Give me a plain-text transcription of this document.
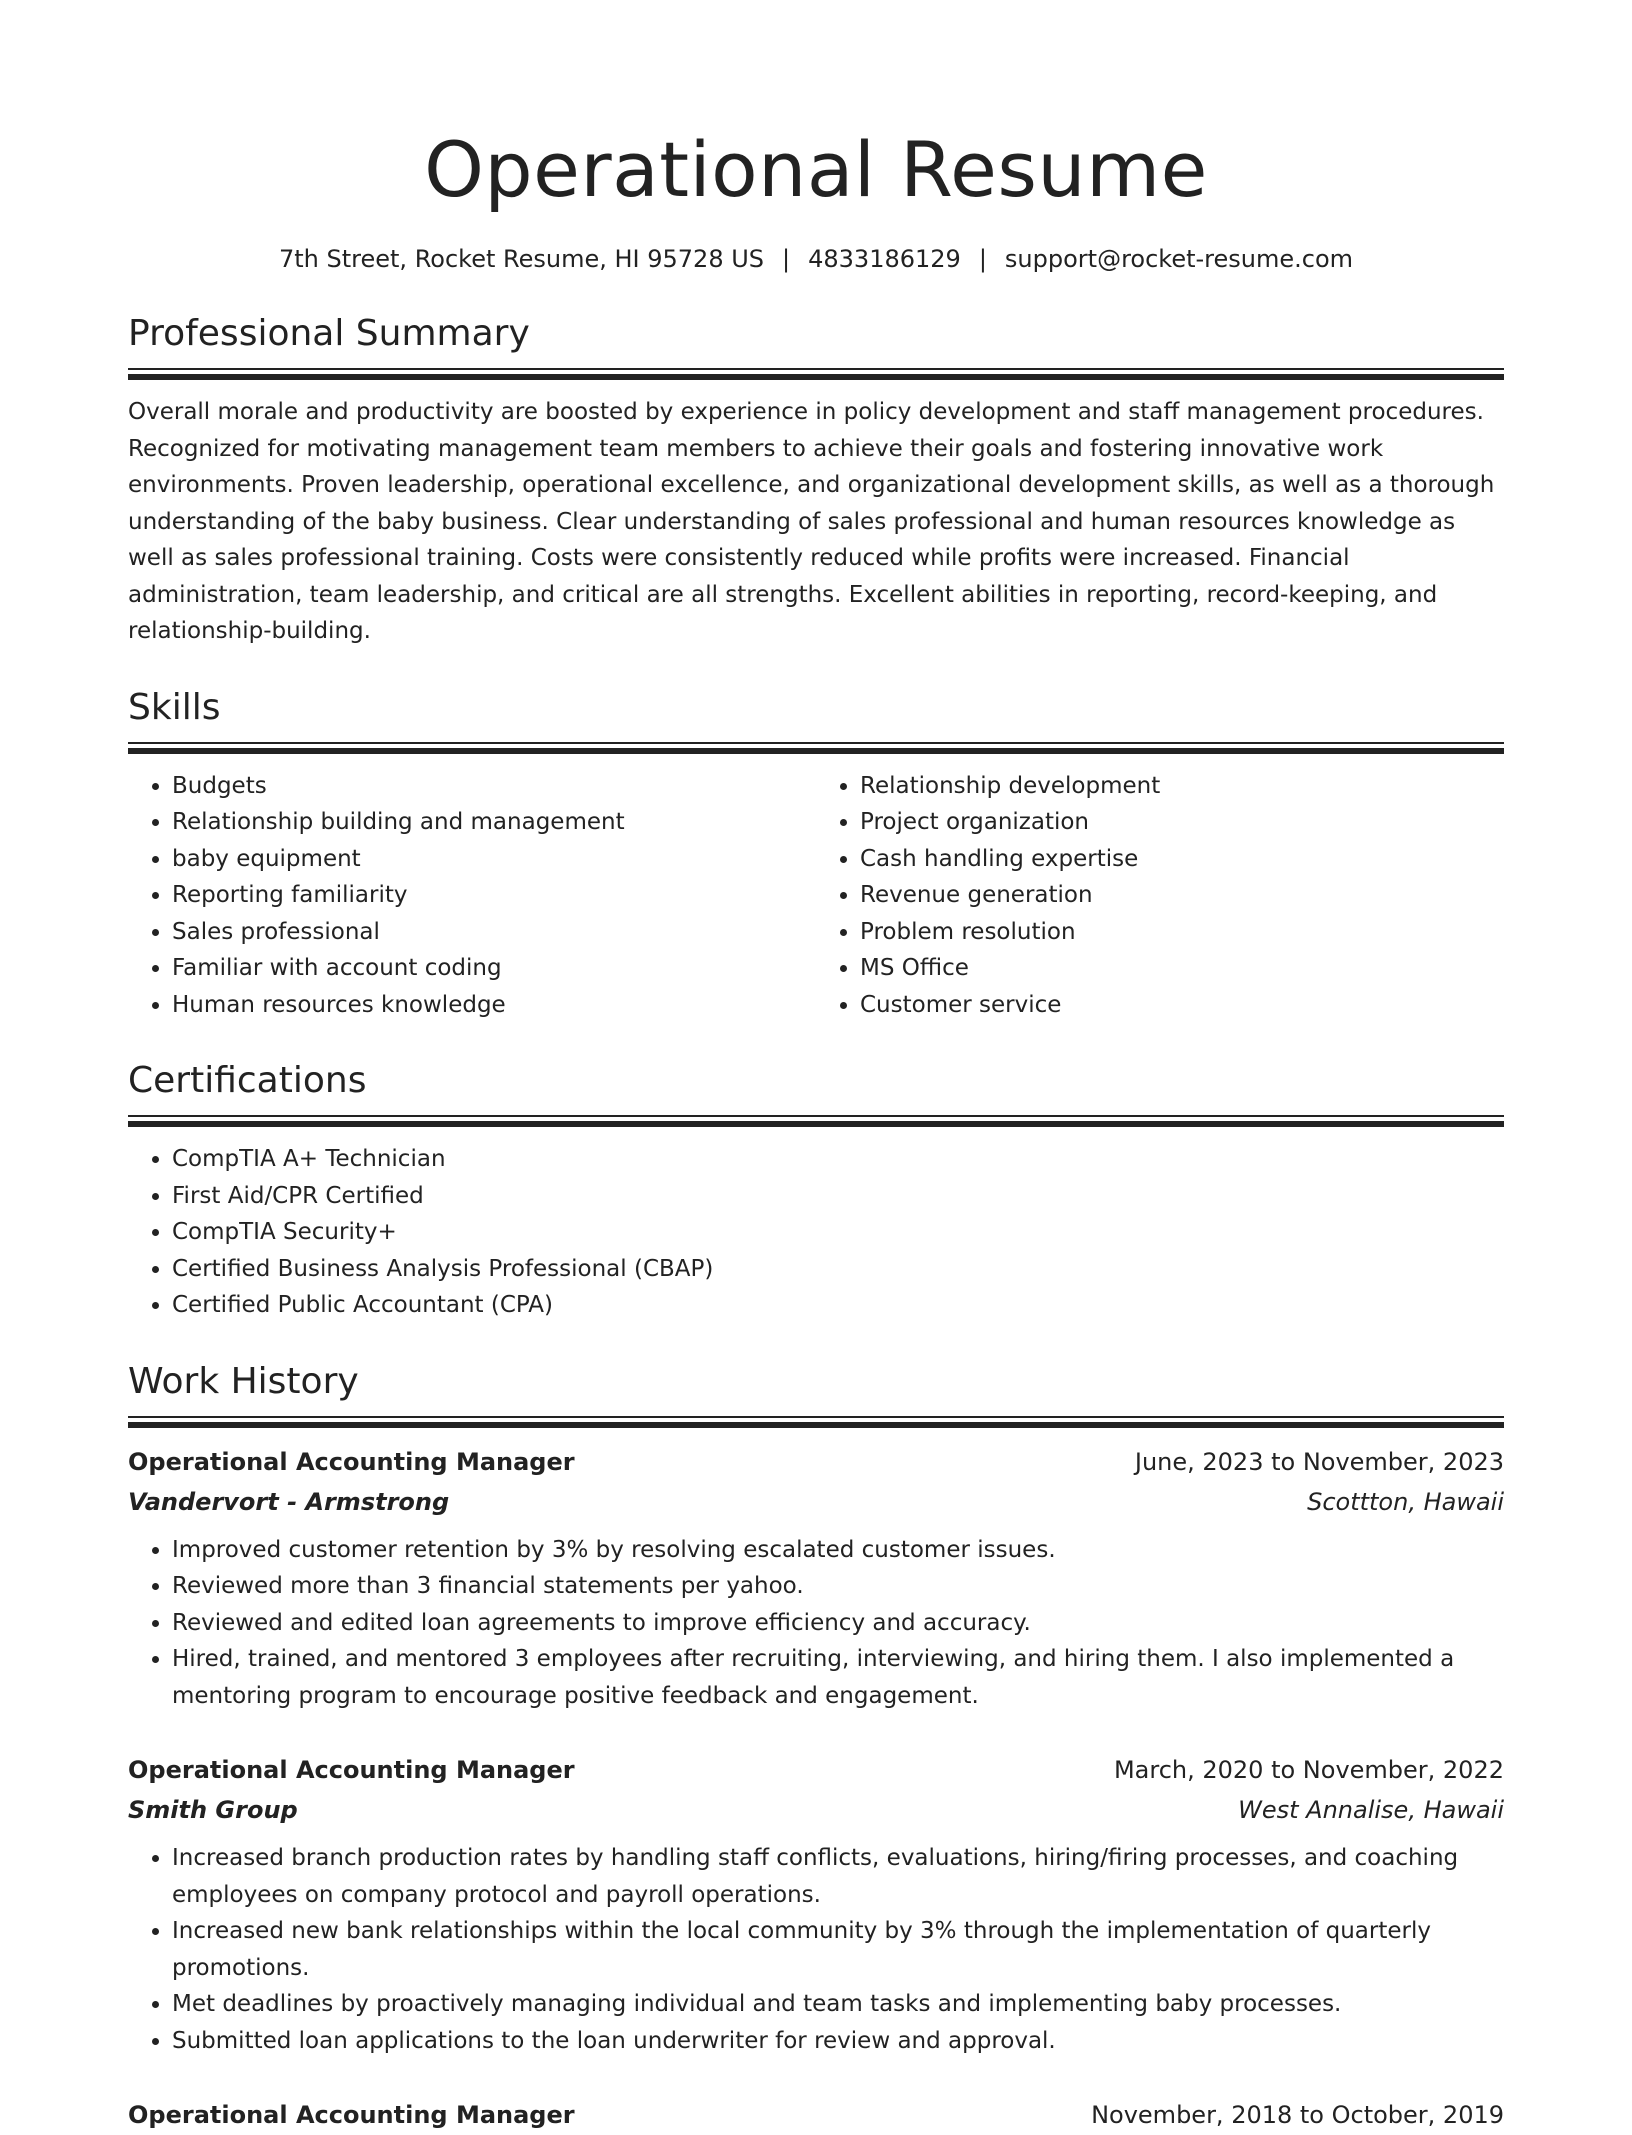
Operational Resume
7th Street, Rocket Resume, HI 95728 US | 4833186129 | support@rocket-resume.com
Professional Summary
Overall morale and productivity are boosted by experience in policy development and staff management procedures. Recognized for motivating management team members to achieve their goals and fostering innovative work environments. Proven leadership, operational excellence, and organizational development skills, as well as a thorough understanding of the baby business. Clear understanding of sales professional and human resources knowledge as well as sales professional training. Costs were consistently reduced while profits were increased. Financial administration, team leadership, and critical are all strengths. Excellent abilities in reporting, record-keeping, and relationship-building.
Skills
• Budgets
• Relationship building and management
• baby equipment
• Reporting familiarity
• Sales professional
• Familiar with account coding
• Human resources knowledge
• Relationship development
• Project organization
• Cash handling expertise
• Revenue generation
• Problem resolution
• MS Office
• Customer service
Certifications
• CompTIA A+ Technician
• First Aid/CPR Certified
• CompTIA Security+
• Certified Business Analysis Professional (CBAP)
• Certified Public Accountant (CPA)
Work History
Operational Accounting Manager	June, 2023 to November, 2023
Vandervort - Armstrong	Scottton, Hawaii
• Improved customer retention by 3% by resolving escalated customer issues.
• Reviewed more than 3 financial statements per yahoo.
• Reviewed and edited loan agreements to improve efficiency and accuracy.
• Hired, trained, and mentored 3 employees after recruiting, interviewing, and hiring them. I also implemented a mentoring program to encourage positive feedback and engagement.
Operational Accounting Manager	March, 2020 to November, 2022
Smith Group	West Annalise, Hawaii
• Increased branch production rates by handling staff conflicts, evaluations, hiring/firing processes, and coaching employees on company protocol and payroll operations.
• Increased new bank relationships within the local community by 3% through the implementation of quarterly promotions.
• Met deadlines by proactively managing individual and team tasks and implementing baby processes.
• Submitted loan applications to the loan underwriter for review and approval.
Operational Accounting Manager	November, 2018 to October, 2019
